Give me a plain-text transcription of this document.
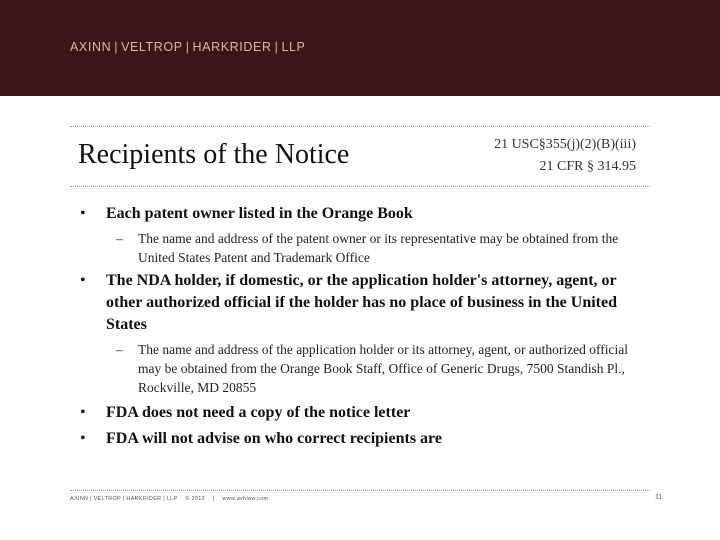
AXINN | VELTROP | HARKRIDER | LLP
Recipients of the Notice	21 USC§355(j)(2)(B)(iii)
21 CFR § 314.95
• Each patent owner listed in the Orange Book
– The name and address of the patent owner or its representative may be obtained from the United States Patent and Trademark Office
• The NDA holder, if domestic, or the application holder's attorney, agent, or other authorized official if the holder has no place of business in the United States
– The name and address of the application holder or its attorney, agent, or authorized official may be obtained from the Orange Book Staff, Office of Generic Drugs, 7500 Standish Pl., Rockville, MD 20855
• FDA does not need a copy of the notice letter
• FDA will not advise on who correct recipients are
AXINN | VELTROP | HARKRIDER | LLP © 2012 | www.avhlaw.com	11
